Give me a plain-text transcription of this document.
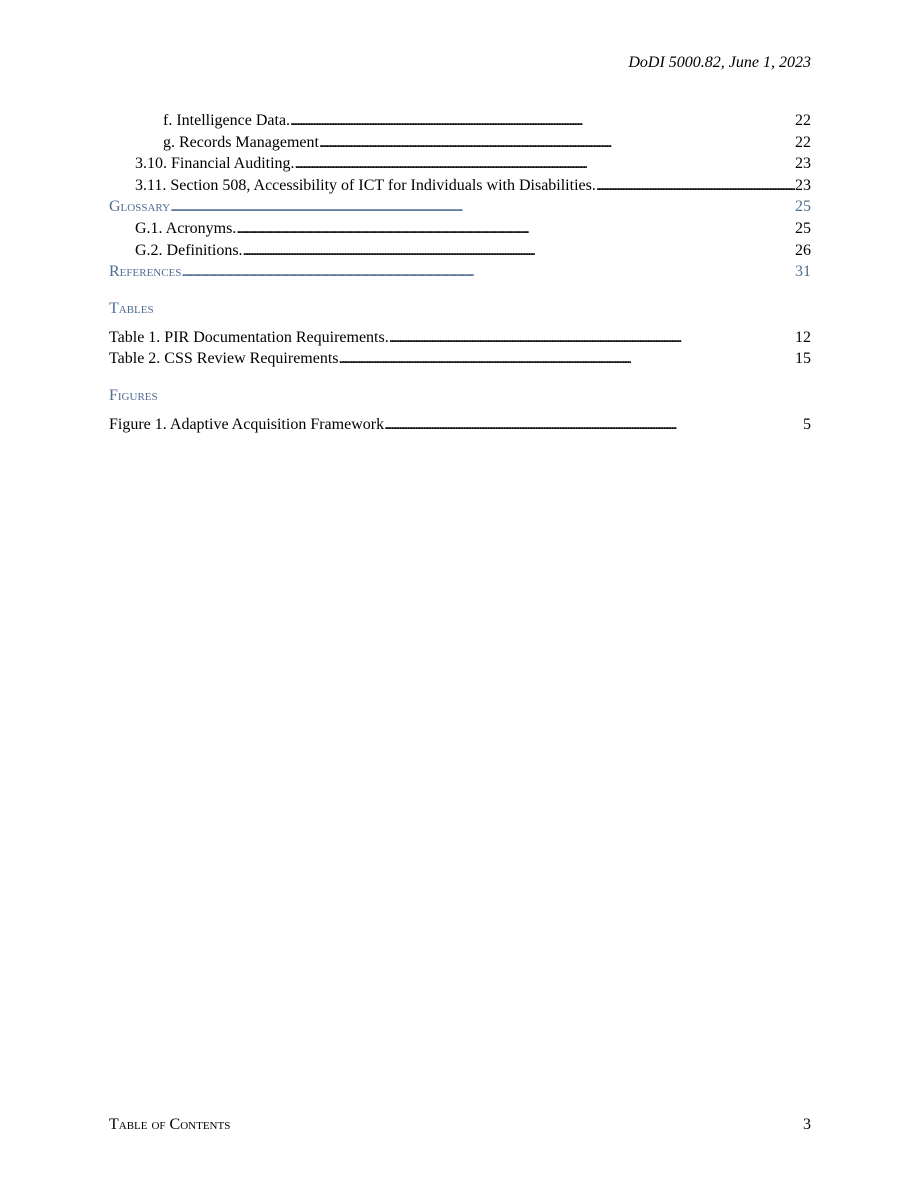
DoDI 5000.82, June 1, 2023
f. Intelligence Data. . . .	22
g. Records Management . . .	22
3.10. Financial Auditing. . . .	23
3.11. Section 508, Accessibility of ICT for Individuals with Disabilities. . . .	23
Glossary . . .	25
G.1. Acronyms. . . .	25
G.2. Definitions. . . .	26
References . . .	31
Tables
Table 1. PIR Documentation Requirements. . . .	12
Table 2. CSS Review Requirements . . .	15
Figures
Figure 1. Adaptive Acquisition Framework . . .	5
Table of Contents	3
